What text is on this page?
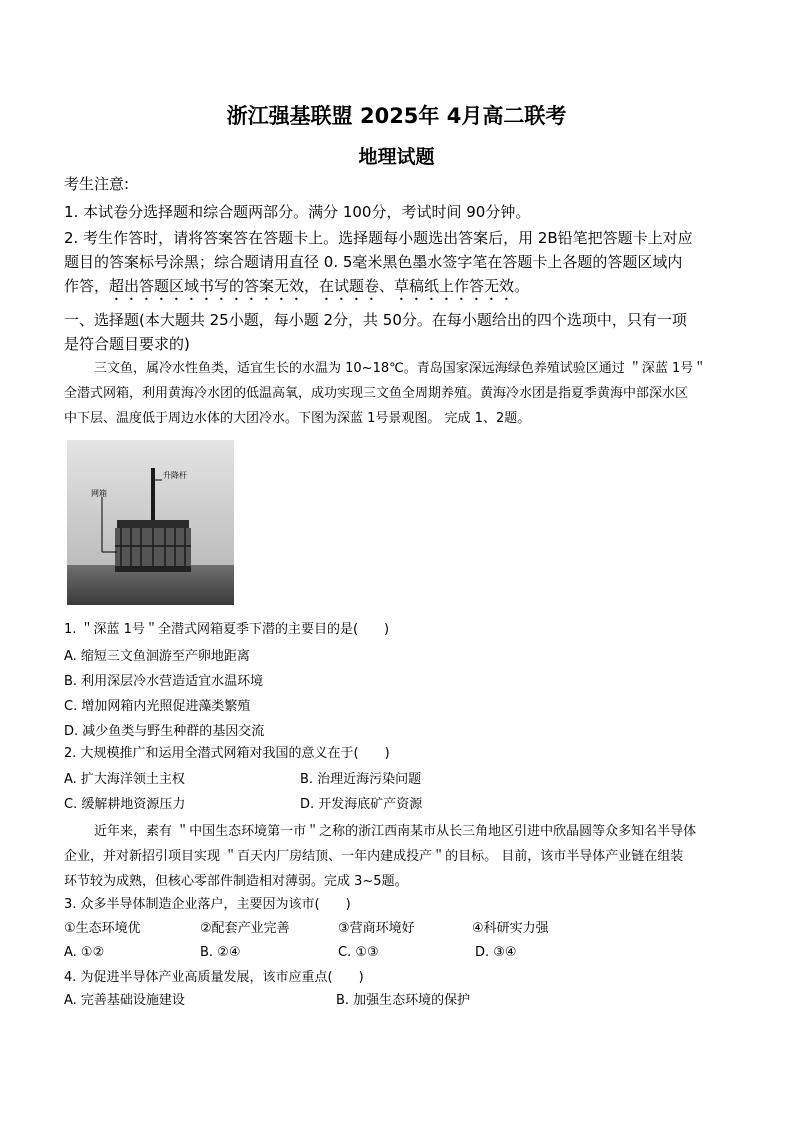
浙江强基联盟 2025年 4月高二联考
地理试题
考生注意:
1. 本试卷分选择题和综合题两部分。满分 100分，考试时间 90分钟。
2. 考生作答时，请将答案答在答题卡上。选择题每小题选出答案后，用 2B铅笔把答题卡上对应
题目的答案标号涂黑；综合题请用直径 0. 5毫米黑色墨水签字笔在答题卡上各题的答题区域内
作答，超出答题区域书写的答案无效，在试题卷、草稿纸上作答无效。
一、选择题(本大题共 25小题，每小题 2分，共 50分。在每小题给出的四个选项中，只有一项
是符合题目要求的)
三文鱼，属冷水性鱼类，适宜生长的水温为 10~18℃。青岛国家深远海绿色养殖试验区通过 ＂深蓝 1号＂
全潜式网箱，利用黄海冷水团的低温高氧，成功实现三文鱼全周期养殖。黄海冷水团是指夏季黄海中部深水区
中下层、温度低于周边水体的大团冷水。下图为深蓝 1号景观图。 完成 1、2题。
网箱
升降杆
1. ＂深蓝 1号＂全潜式网箱夏季下潜的主要目的是(　　)
A. 缩短三文鱼洄游至产卵地距离
B. 利用深层冷水营造适宜水温环境
C. 增加网箱内光照促进藻类繁殖
D. 减少鱼类与野生种群的基因交流
2. 大规模推广和运用全潜式网箱对我国的意义在于(　　)
A. 扩大海洋领土主权	B. 治理近海污染问题
C. 缓解耕地资源压力	D. 开发海底矿产资源
近年来，素有 ＂中国生态环境第一市＂之称的浙江西南某市从长三角地区引进中欣晶圆等众多知名半导体
企业，并对新招引项目实现 ＂百天内厂房结顶、一年内建成投产＂的目标。 目前，该市半导体产业链在组装
环节较为成熟，但核心零部件制造相对薄弱。完成 3~5题。
3. 众多半导体制造企业落户，主要因为该市(　　)
①生态环境优	②配套产业完善	③营商环境好	④科研实力强
A. ①②	B. ②④	C. ①③	D. ③④
4. 为促进半导体产业高质量发展，该市应重点(　　)
A. 完善基础设施建设	B. 加强生态环境的保护
